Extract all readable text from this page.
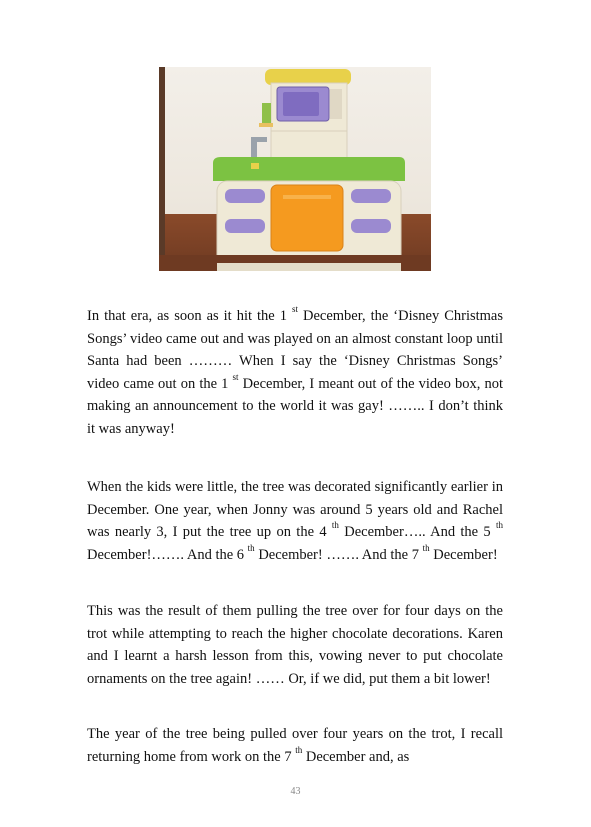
In that era, as soon as it hit the 1 $^{st}$ December, the ‘Disney Christmas Songs’ video came out and was played on an almost constant loop until Santa had been ……… When I say the ‘Disney Christmas Songs’ video came out on the 1 $^{st}$ December, I meant out of the video box, not making an announcement to the world it was gay! …….. I don’t think it was anyway!

When the kids were little, the tree was decorated significantly earlier in December. One year, when Jonny was around 5 years old and Rachel was nearly 3, I put the tree up on the 4 $^{th}$ December….. And the 5 $^{th}$ December!……. And the 6 $^{th}$ December! ……. And the 7 $^{th}$ December!

This was the result of them pulling the tree over for four days on the trot while attempting to reach the higher chocolate decorations. Karen and I learnt a harsh lesson from this, vowing never to put chocolate ornaments on the tree again! …… Or, if we did, put them a bit lower!

The year of the tree being pulled over four years on the trot, I recall returning home from work on the 7 $^{th}$ December and, as

43
